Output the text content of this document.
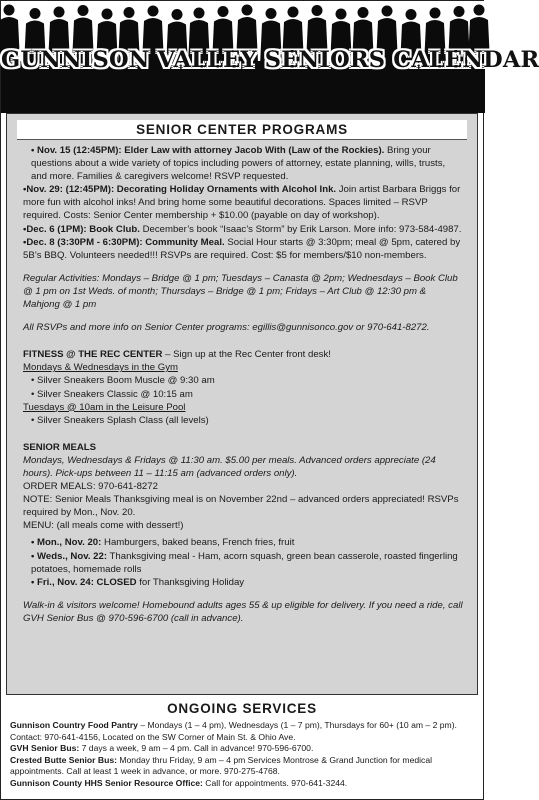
GUNNISON VALLEY SENIORS CALENDAR
SENIOR CENTER PROGRAMS

• Nov. 15 (12:45PM): Elder Law with attorney Jacob With (Law of the Rockies). Bring your questions about a wide variety of topics including powers of attorney, estate planning, wills, trusts, and more. Families & caregivers welcome! RSVP requested.

•Nov. 29: (12:45PM): Decorating Holiday Ornaments with Alcohol Ink. Join artist Barbara Briggs for more fun with alcohol inks! And bring home some beautiful decorations. Spaces limited – RSVP required. Costs: Senior Center membership + $10.00 (payable on day of workshop).

•Dec. 6 (1PM): Book Club. December’s book “Isaac’s Storm” by Erik Larson. More info: 973-584-4987.

•Dec. 8 (3:30PM - 6:30PM): Community Meal. Social Hour starts @ 3:30pm; meal @ 5pm, catered by 5B’s BBQ. Volunteers needed!!! RSVPs are required. Cost: $5 for members/$10 non-members.

Regular Activities: Mondays – Bridge @ 1 pm; Tuesdays – Canasta @ 2pm; Wednesdays – Book Club @ 1 pm on 1st Weds. of month; Thursdays – Bridge @ 1 pm; Fridays – Art Club @ 12:30 pm & Mahjong @ 1 pm

All RSVPs and more info on Senior Center programs: egillis@gunnisonco.gov or 970-641-8272.

FITNESS @ THE REC CENTER – Sign up at the Rec Center front desk!

Mondays & Wednesdays in the Gym

• Silver Sneakers Boom Muscle @ 9:30 am

• Silver Sneakers Classic @ 10:15 am

Tuesdays @ 10am in the Leisure Pool

• Silver Sneakers Splash Class (all levels)

SENIOR MEALS

Mondays, Wednesdays & Fridays @ 11:30 am. $5.00 per meals. Advanced orders appreciate (24 hours). Pick-ups between 11 – 11:15 am (advanced orders only).

ORDER MEALS: 970-641-8272

NOTE: Senior Meals Thanksgiving meal is on November 22nd – advanced orders appreciated! RSVPs required by Mon., Nov. 20.

MENU: (all meals come with dessert!)

• Mon., Nov. 20: Hamburgers, baked beans, French fries, fruit

• Weds., Nov. 22: Thanksgiving meal - Ham, acorn squash, green bean casserole, roasted fingerling potatoes, homemade rolls

• Fri., Nov. 24: CLOSED for Thanksgiving Holiday

Walk-in & visitors welcome! Homebound adults ages 55 & up eligible for delivery. If you need a ride, call GVH Senior Bus @ 970-596-6700 (call in advance).

ONGOING SERVICES

Gunnison Country Food Pantry – Mondays (1 – 4 pm), Wednesdays (1 – 7 pm), Thursdays for 60+ (10 am – 2 pm). Contact: 970-641-4156, Located on the SW Corner of Main St. & Ohio Ave.

GVH Senior Bus: 7 days a week, 9 am – 4 pm. Call in advance! 970-596-6700.

Crested Butte Senior Bus: Monday thru Friday, 9 am – 4 pm Services Montrose & Grand Junction for medical appointments. Call at least 1 week in advance, or more. 970-275-4768.

Gunnison County HHS Senior Resource Office: Call for appointments. 970-641-3244.
